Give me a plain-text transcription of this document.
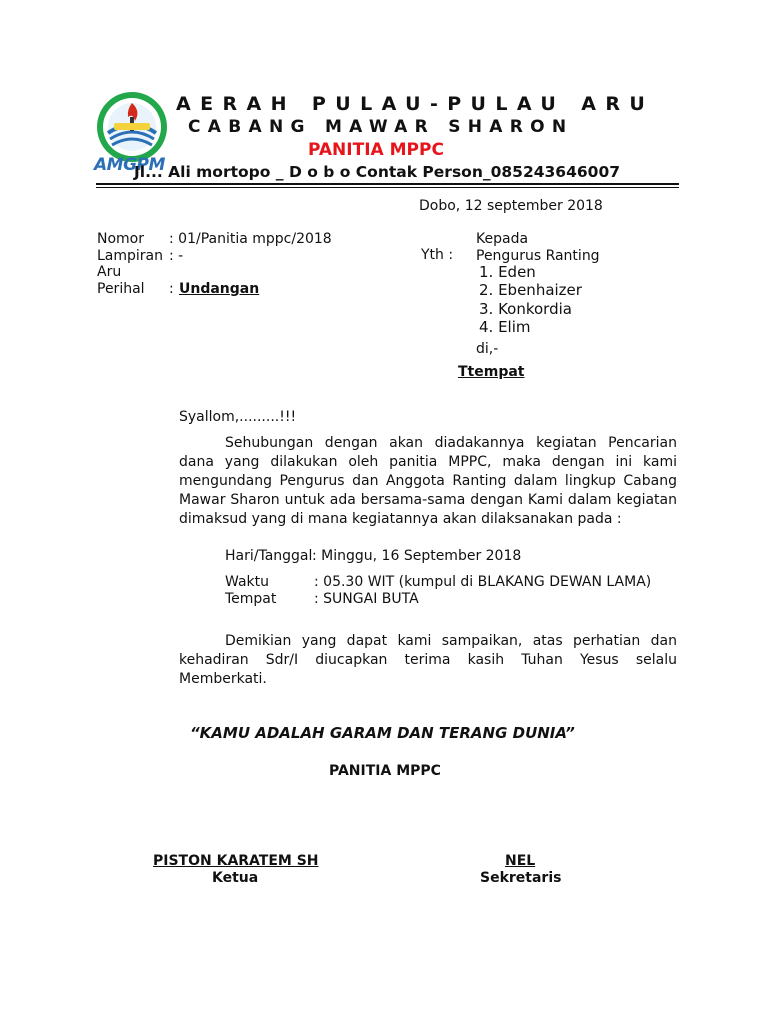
AMGPM
AERAH PULAU-PULAU ARU
CABANG MAWAR SHARON
PANITIA MPPC
Jl... Ali mortopo _ D o b o Contak Person_085243646007
Dobo, 12 september 2018
Nomor : 01/Panitia mppc/2018
Lampiran : -
Aru
Perihal : Undangan
Kepada
Yth : Pengurus Ranting
1. Eden
2. Ebenhaizer
3. Konkordia
4. Elim
di,-
Ttempat
Syallom,.........!!!
Sehubungan dengan akan diadakannya kegiatan Pencarian dana yang dilakukan oleh panitia MPPC, maka dengan ini kami mengundang Pengurus dan Anggota Ranting dalam lingkup Cabang Mawar Sharon untuk ada bersama-sama dengan Kami dalam kegiatan dimaksud yang di mana kegiatannya akan dilaksanakan pada :
Hari/Tanggal : Minggu, 16 September 2018
Waktu	: 05.30 WIT (kumpul di BLAKANG DEWAN LAMA)
Tempat	: SUNGAI BUTA
Demikian yang dapat kami sampaikan, atas perhatian dan kehadiran Sdr/I diucapkan terima kasih Tuhan Yesus selalu Memberkati.
“KAMU ADALAH GARAM DAN TERANG DUNIA”
PANITIA MPPC
PISTON KARATEM SH
Ketua
NEL
Sekretaris
